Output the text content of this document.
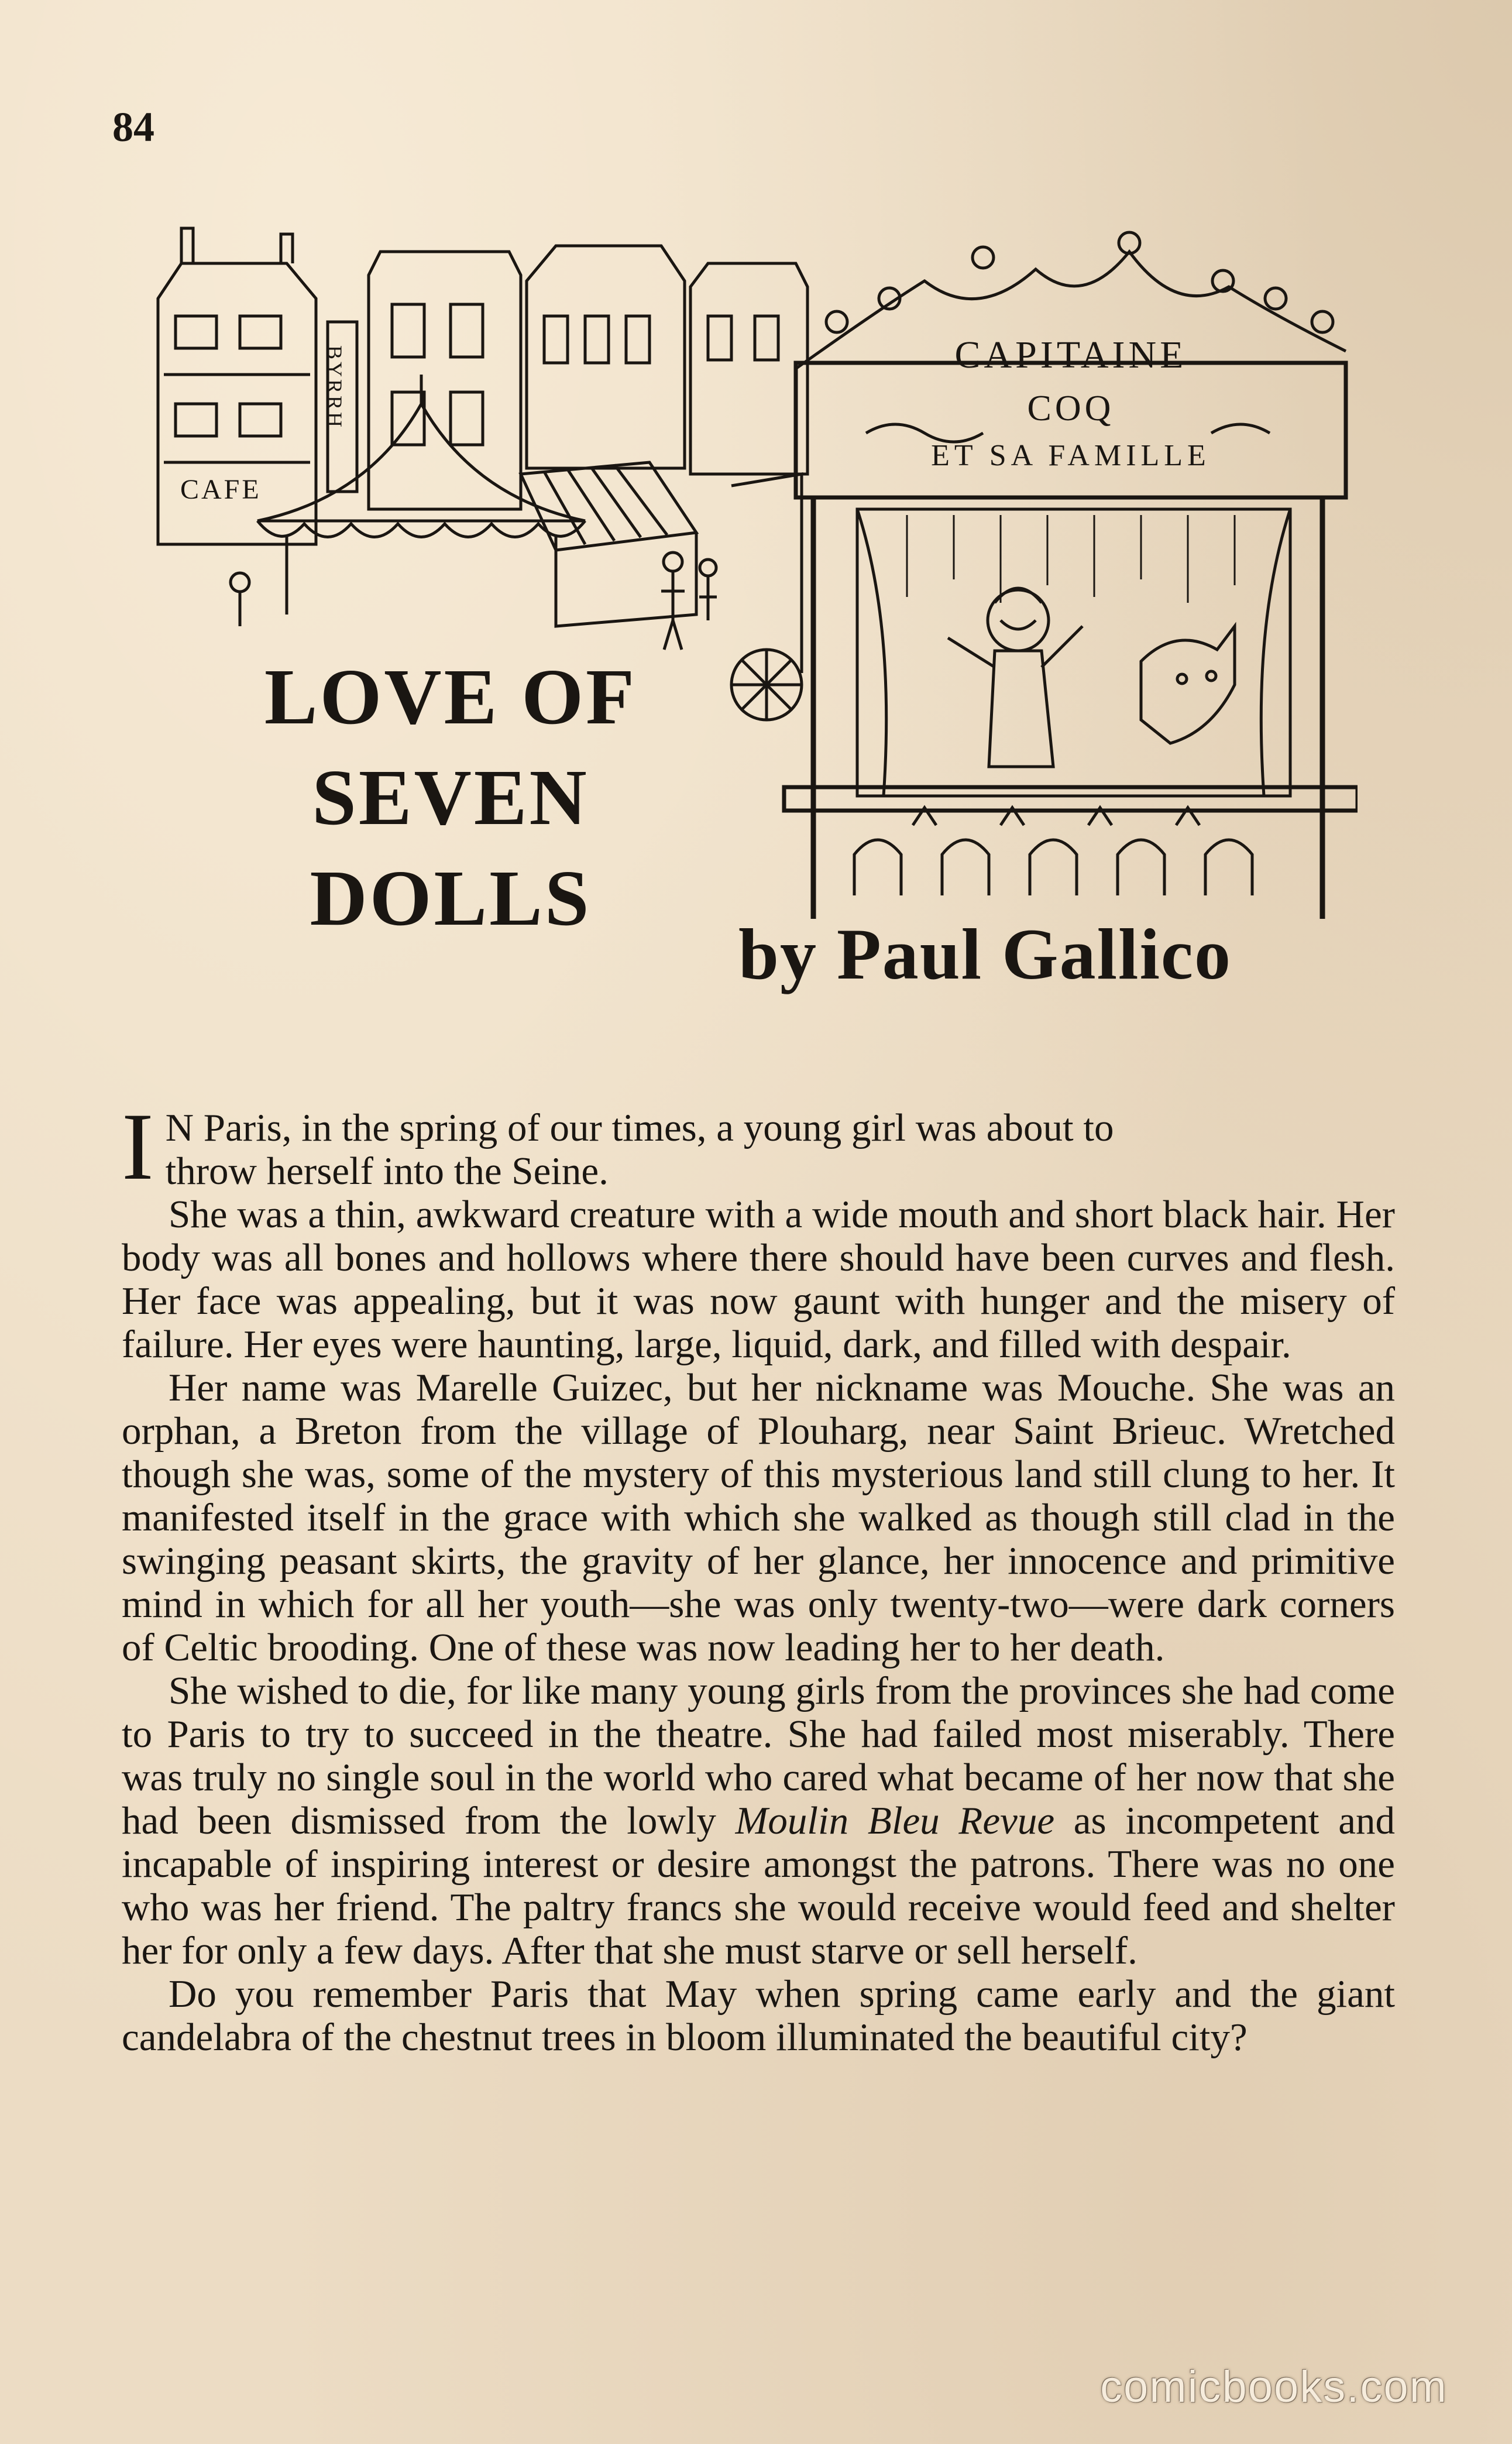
84
CAPITAINE
COQ
ET SA FAMILLE
CAFE
BYRRH
LOVE OF
SEVEN
DOLLS
by Paul Gallico

I N Paris, in the spring of our times, a young girl was about to
throw herself into the Seine.

She was a thin, awkward creature with a wide mouth and short black hair. Her body was all bones and hollows where there should have been curves and flesh. Her face was appealing, but it was now gaunt with hunger and the misery of failure. Her eyes were haunting, large, liquid, dark, and filled with despair.

Her name was Marelle Guizec, but her nickname was Mouche. She was an orphan, a Breton from the village of Plouharg, near Saint Brieuc. Wretched though she was, some of the mystery of this mysterious land still clung to her. It manifested itself in the grace with which she walked as though still clad in the swinging peasant skirts, the gravity of her glance, her innocence and primitive mind in which for all her youth—she was only twenty-two—were dark corners of Celtic brooding. One of these was now leading her to her death.

She wished to die, for like many young girls from the provinces she had come to Paris to try to succeed in the theatre. She had failed most miserably. There was truly no single soul in the world who cared what became of her now that she had been dismissed from the lowly Moulin Bleu Revue as incompetent and incapable of inspiring interest or desire amongst the patrons. There was no one who was her friend. The paltry francs she would receive would feed and shelter her for only a few days. After that she must starve or sell herself.

Do you remember Paris that May when spring came early and the giant candelabra of the chestnut trees in bloom illuminated the beautiful city?

comicbooks.com
